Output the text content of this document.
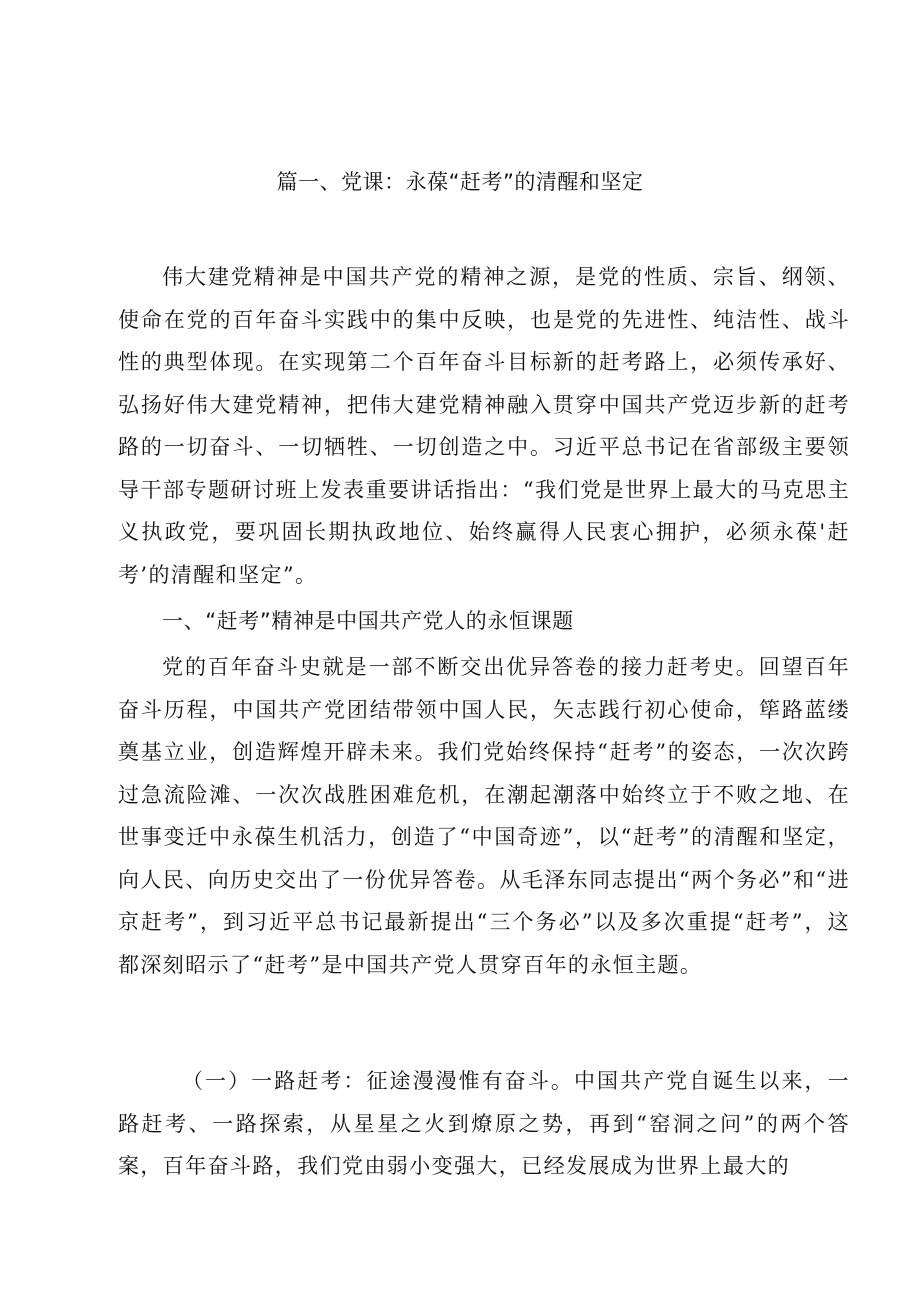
篇一、党课：永葆“赶考”的清醒和坚定

伟大建党精神是中国共产党的精神之源，是党的性质、宗旨、纲领、使命在党的百年奋斗实践中的集中反映，也是党的先进性、纯洁性、战斗性的典型体现。在实现第二个百年奋斗目标新的赶考路上，必须传承好、弘扬好伟大建党精神，把伟大建党精神融入贯穿中国共产党迈步新的赶考路的一切奋斗、一切牺牲、一切创造之中。习近平总书记在省部级主要领导干部专题研讨班上发表重要讲话指出：“我们党是世界上最大的马克思主义执政党，要巩固长期执政地位、始终赢得人民衷心拥护，必须永葆'赶考’的清醒和坚定”。

一、“赶考”精神是中国共产党人的永恒课题

党的百年奋斗史就是一部不断交出优异答卷的接力赶考史。回望百年奋斗历程，中国共产党团结带领中国人民，矢志践行初心使命，筚路蓝缕奠基立业，创造辉煌开辟未来。我们党始终保持“赶考”的姿态，一次次跨过急流险滩、一次次战胜困难危机，在潮起潮落中始终立于不败之地、在世事变迁中永葆生机活力，创造了“中国奇迹”，以“赶考”的清醒和坚定，向人民、向历史交出了一份优异答卷。从毛泽东同志提出“两个务必”和“进京赶考”，到习近平总书记最新提出“三个务必”以及多次重提“赶考”，这都深刻昭示了“赶考”是中国共产党人贯穿百年的永恒主题。

（一）一路赶考：征途漫漫惟有奋斗。中国共产党自诞生以来，一路赶考、一路探索，从星星之火到燎原之势，再到“窑洞之问”的两个答案，百年奋斗路，我们党由弱小变强大，已经发展成为世界上最大的
